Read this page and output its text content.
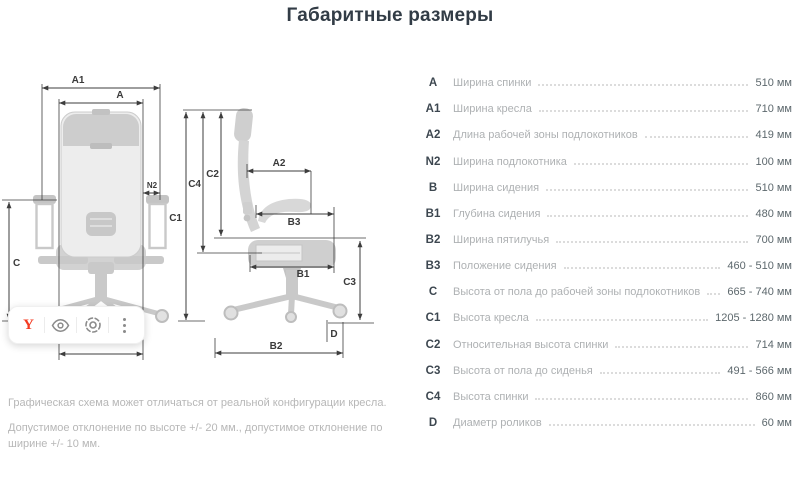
Габаритные размеры
A1
A
N2
C
C1
C4
C2
A2
B3
B1
C3
B2
D
Y
A	Ширина спинки	510 мм
A1	Ширина кресла	710 мм
A2	Длина рабочей зоны подлокотников	419 мм
N2	Ширина подлокотника	100 мм
B	Ширина сидения	510 мм
B1	Глубина сидения	480 мм
B2	Ширина пятилучья	700 мм
B3	Положение сидения	460 - 510 мм
C	Высота от пола до рабочей зоны подлокотников 665 - 740 мм
C1	Высота кресла	1205 - 1280 мм
C2	Относительная высота спинки	714 мм
C3	Высота от пола до сиденья	491 - 566 мм
C4	Высота спинки	860 мм
D	Диаметр роликов	60 мм
Графическая схема может отличаться от реальной конфигурации кресла.
Допустимое отклонение по высоте +/- 20 мм., допустимое отклонение по ширине +/- 10 мм.
